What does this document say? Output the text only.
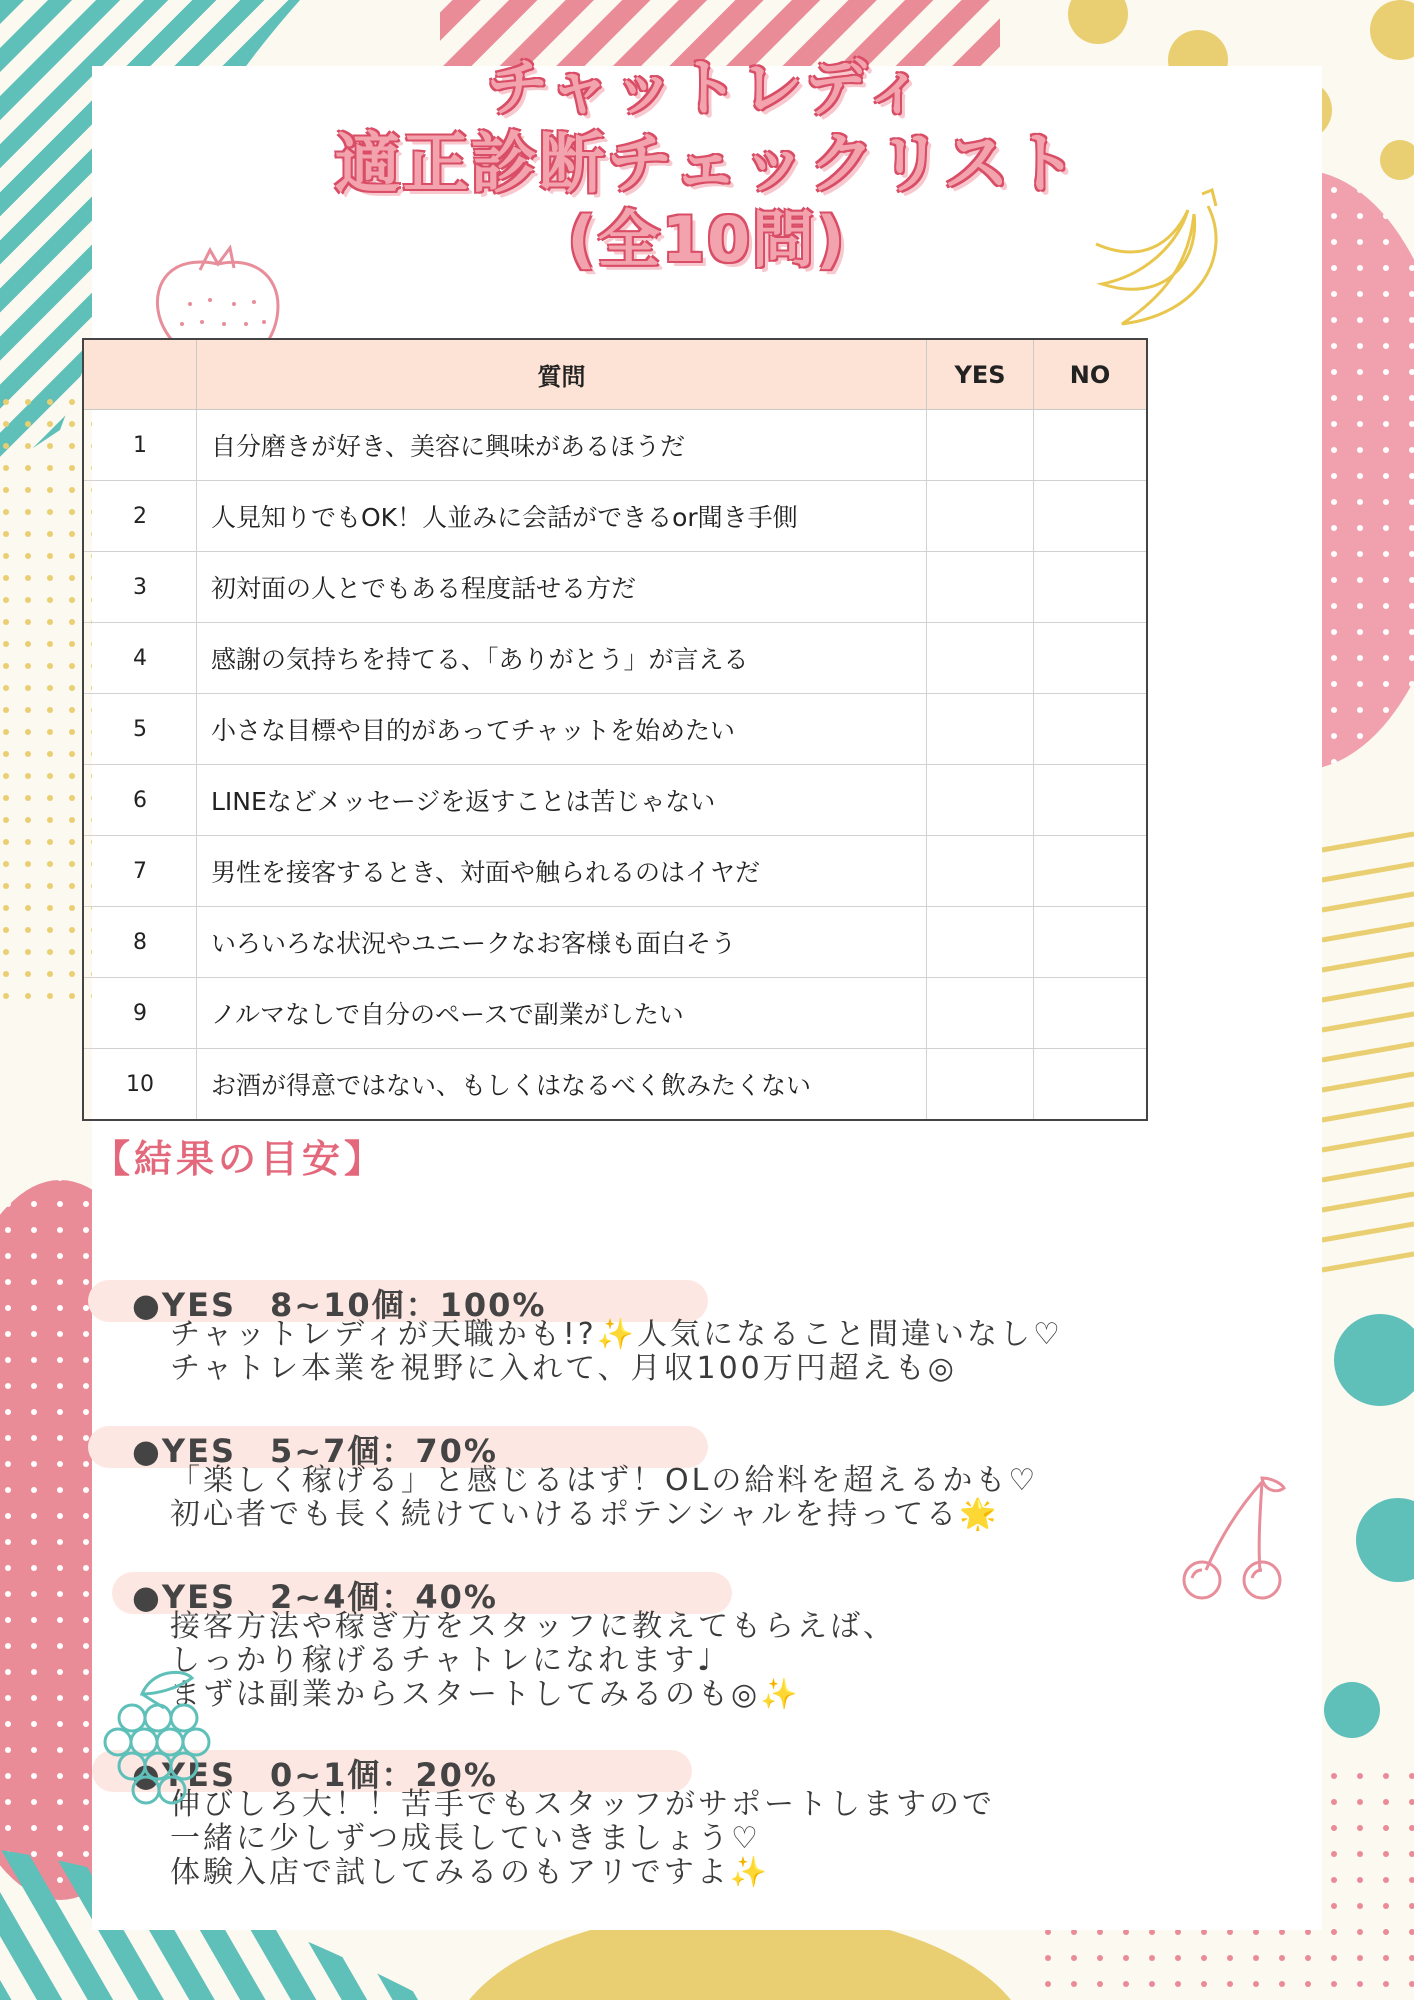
チャットレディ
適正診断チェックリスト
(全10問)
	質問	YES	NO
1	自分磨きが好き、美容に興味があるほうだ		
2	人見知りでもOK！人並みに会話ができるor聞き手側		
3	初対面の人とでもある程度話せる方だ		
4	感謝の気持ちを持てる、「ありがとう」が言える		
5	小さな目標や目的があってチャットを始めたい		
6	LINEなどメッセージを返すことは苦じゃない		
7	男性を接客するとき、対面や触られるのはイヤだ		
8	いろいろな状況やユニークなお客様も面白そう		
9	ノルマなしで自分のペースで副業がしたい		
10	お酒が得意ではない、もしくはなるべく飲みたくない		
【結果の目安】
●YES　8~10個：100%
チャットレディが天職かも!?✨人気になること間違いなし♡
チャトレ本業を視野に入れて、月収100万円超えも◎
●YES　5~7個：70%
「楽しく稼げる」と感じるはず！OLの給料を超えるかも♡
初心者でも長く続けていけるポテンシャルを持ってる🌟
●YES　2~4個：40%
接客方法や稼ぎ方をスタッフに教えてもらえば、
しっかり稼げるチャトレになれます♩
まずは副業からスタートしてみるのも◎✨
●YES　0~1個：20%
伸びしろ大！！苦手でもスタッフがサポートしますので
一緒に少しずつ成長していきましょう♡
体験入店で試してみるのもアリですよ✨
